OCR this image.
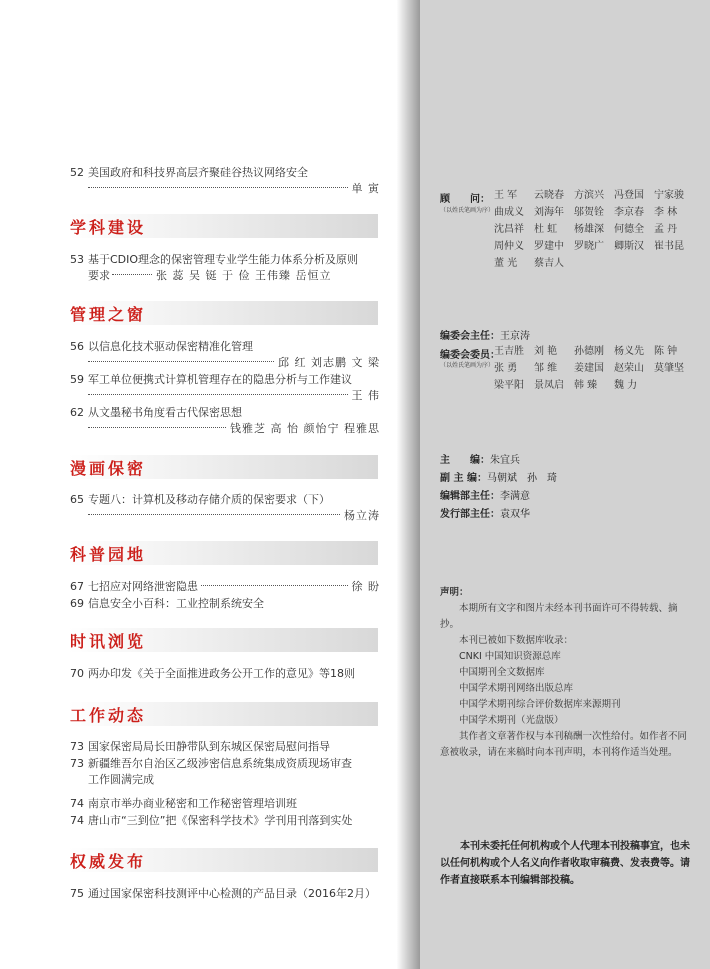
52 美国政府和科技界高层齐聚硅谷热议网络安全
单 寅
学科建设
53 基于CDIO理念的保密管理专业学生能力体系分析及原则
要求	张 蕊 吴 铤 于 俭 王伟臻 岳恒立
管理之窗
56 以信息化技术驱动保密精准化管理
邱 红 刘志鹏 文 梁
59 军工单位便携式计算机管理存在的隐患分析与工作建议
王 伟
62 从文墨秘书角度看古代保密思想
钱雅芝 高 怡 颜怡宁 程雅思
漫画保密
65 专题八：计算机及移动存储介质的保密要求（下）
杨立涛
科普园地
67 七招应对网络泄密隐患	徐 盼
69 信息安全小百科：工业控制系统安全
时讯浏览
70 两办印发《关于全面推进政务公开工作的意见》等18则
工作动态
73 国家保密局局长田静带队到东城区保密局慰问指导
73 新疆维吾尔自治区乙级涉密信息系统集成资质现场审查
工作圆满完成
74 南京市举办商业秘密和工作秘密管理培训班
74 唐山市“三到位”把《保密科学技术》学刊用刊落到实处
权威发布
75 通过国家保密科技测评中心检测的产品目录（2016年2月）
顾　　问：
（以姓氏笔画为序）
王 军 云晓春 方滨兴 冯登国 宁家骏曲成义 刘海年 邬贺铨 李京春 李 林沈昌祥 杜 虹 杨雄深 何德全 孟 丹周仲义 罗建中 罗晓广 卿斯汉 崔书昆董 光 蔡吉人
编委会主任：王京涛
编委会委员：
（以姓氏笔画为序）
王吉胜 刘 艳 孙德刚 杨义先 陈 钟张 勇 邹 维 姜建国 赵荣山 莫肇坚梁平阳 景凤启 韩 臻 魏 力
主　　编：朱宜兵
副 主 编：马朝斌　孙　琦
编辑部主任：李满意
发行部主任：袁双华
声明：
本期所有文字和图片未经本刊书面许可不得转载、摘抄。
本刊已被如下数据库收录：
CNKI 中国知识资源总库
中国期刊全文数据库
中国学术期刊网络出版总库
中国学术期刊综合评价数据库来源期刊
中国学术期刊（光盘版）
其作者文章著作权与本刊稿酬一次性给付。如作者不同意被收录，请在来稿时向本刊声明，本刊将作适当处理。
本刊未委托任何机构或个人代理本刊投稿事宜，也未以任何机构或个人名义向作者收取审稿费、发表费等。请作者直接联系本刊编辑部投稿。
